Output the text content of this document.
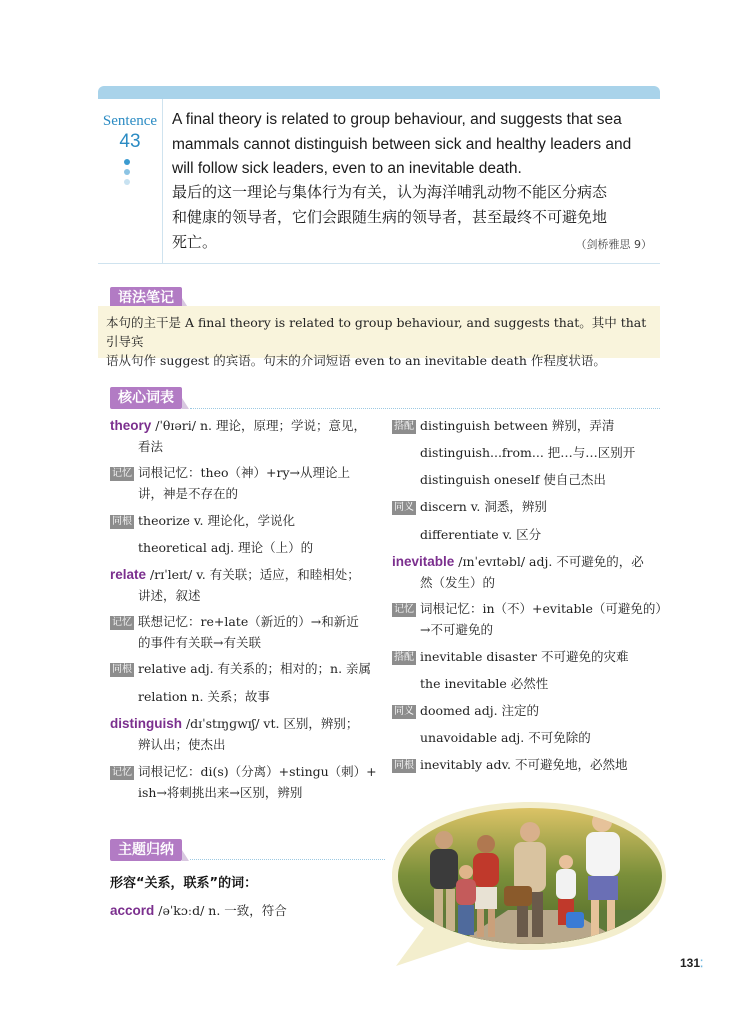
Sentence
43
A final theory is related to group behaviour, and suggests that sea mammals cannot distinguish between sick and healthy leaders and will follow sick leaders, even to an inevitable death.
最后的这一理论与集体行为有关，认为海洋哺乳动物不能区分病态
和健康的领导者，它们会跟随生病的领导者，甚至最终不可避免地
死亡。	（剑桥雅思 9）
语法笔记
本句的主干是 A final theory is related to group behaviour, and suggests that。其中 that 引导宾
语从句作 suggest 的宾语。句末的介词短语 even to an inevitable death 作程度状语。
核心词表
theory /ˈθɪəri/ n. 理论，原理；学说；意见，
看法
记忆 词根记忆：theo（神）+ry→从理论上
讲，神是不存在的
同根 theorize v. 理论化，学说化
theoretical adj. 理论（上）的
relate /rɪˈleɪt/ v. 有关联；适应，和睦相处；
讲述，叙述
记忆 联想记忆：re+late（新近的）→和新近
的事件有关联→有关联
同根 relative adj. 有关系的；相对的；n. 亲属
relation n. 关系；故事
distinguish /dɪˈstɪŋɡwɪʃ/ vt. 区别，辨别；
辨认出；使杰出
记忆 词根记忆：di(s)（分离）+stingu（刺）+
ish→将刺挑出来→区别，辨别
搭配 distinguish between 辨别，弄清
distinguish...from... 把…与…区别开
distinguish oneself 使自己杰出
同义 discern v. 洞悉，辨别
differentiate v. 区分
inevitable /ɪnˈevɪtəbl/ adj. 不可避免的，必
然（发生）的
记忆 词根记忆：in（不）+evitable（可避免的）
→不可避免的
搭配 inevitable disaster 不可避免的灾难
the inevitable 必然性
同义 doomed adj. 注定的
unavoidable adj. 不可免除的
同根 inevitably adv. 不可避免地，必然地
主题归纳
形容“关系，联系”的词：
accord /əˈkɔːd/ n. 一致，符合
131⁚
